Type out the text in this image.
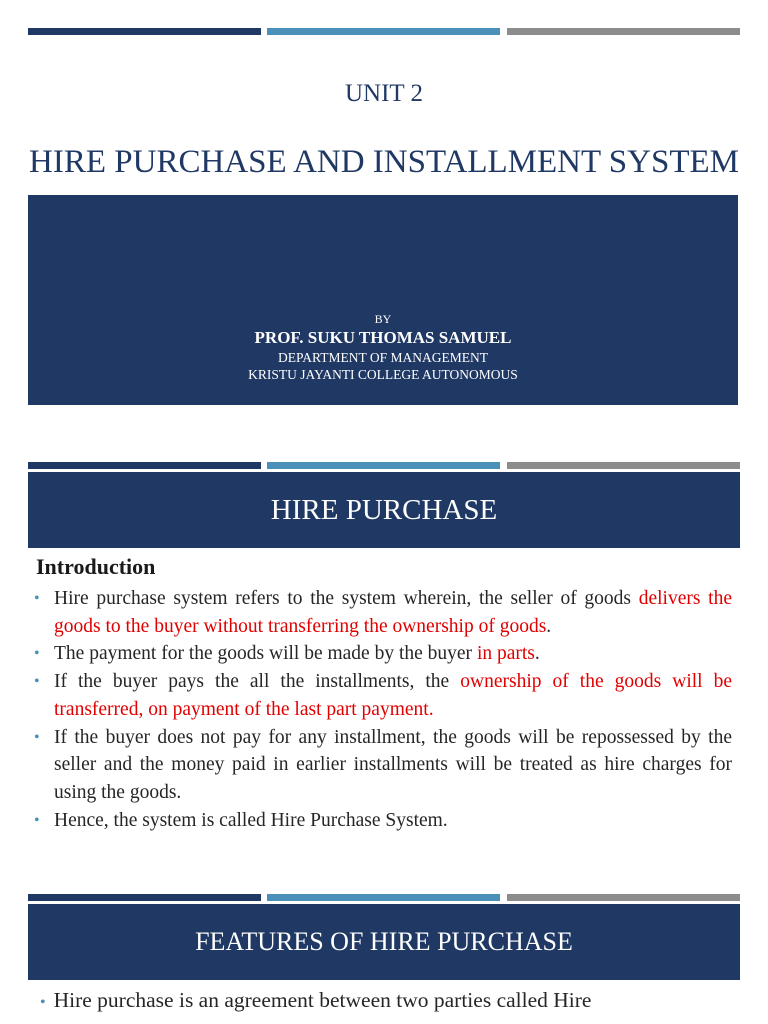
UNIT 2
HIRE PURCHASE AND INSTALLMENT SYSTEM
BY
PROF. SUKU THOMAS SAMUEL
DEPARTMENT OF MANAGEMENT
KRISTU JAYANTI COLLEGE AUTONOMOUS
HIRE PURCHASE
Introduction
• Hire purchase system refers to the system wherein, the seller of goods delivers the goods to the buyer without transferring the ownership of goods.
• The payment for the goods will be made by the buyer in parts.
• If the buyer pays the all the installments, the ownership of the goods will be transferred, on payment of the last part payment.
• If the buyer does not pay for any installment, the goods will be repossessed by the seller and the money paid in earlier installments will be treated as hire charges for using the goods.
• Hence, the system is called Hire Purchase System.
FEATURES OF HIRE PURCHASE
• Hire purchase is an agreement between two parties called Hire
